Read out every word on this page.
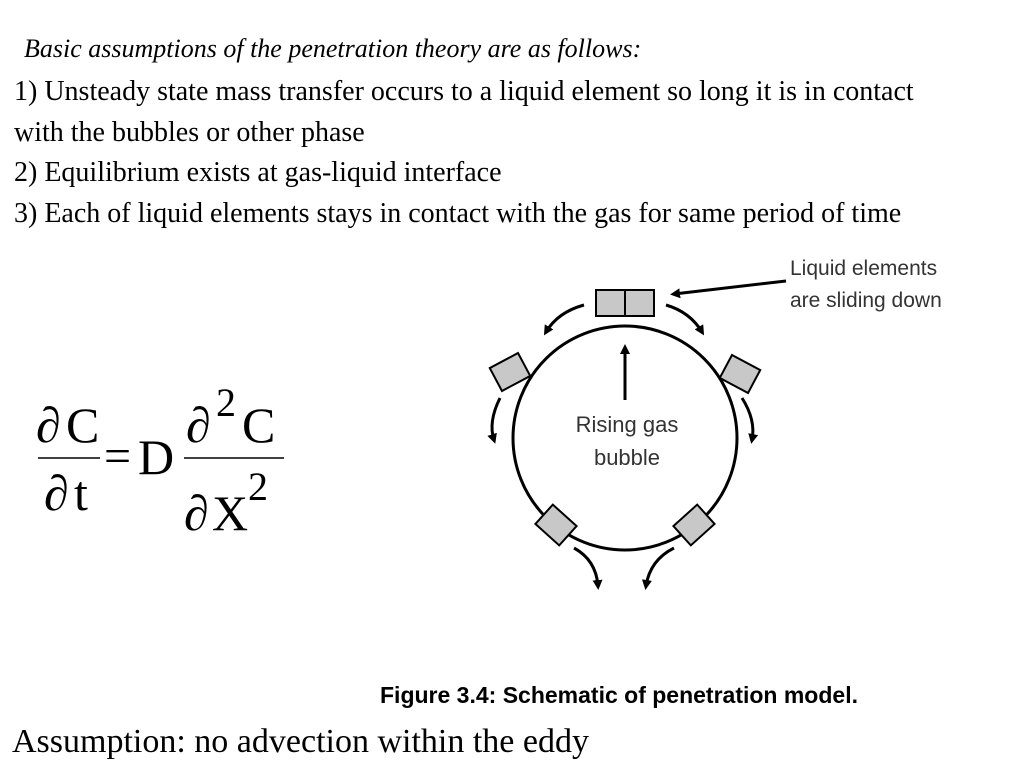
Basic assumptions of the penetration theory are as follows:

1) Unsteady state mass transfer occurs to a liquid element so long it is in contact with the bubbles or other phase

2) Equilibrium exists at gas-liquid interface

3) Each of liquid elements stays in contact with the gas for same period of time

∂ C
∂ t
= D
∂ 2 C
∂ X 2
Liquid elements
are sliding down
Rising gas
bubble
Figure 3.4: Schematic of penetration model.
Assumption: no advection within the eddy
